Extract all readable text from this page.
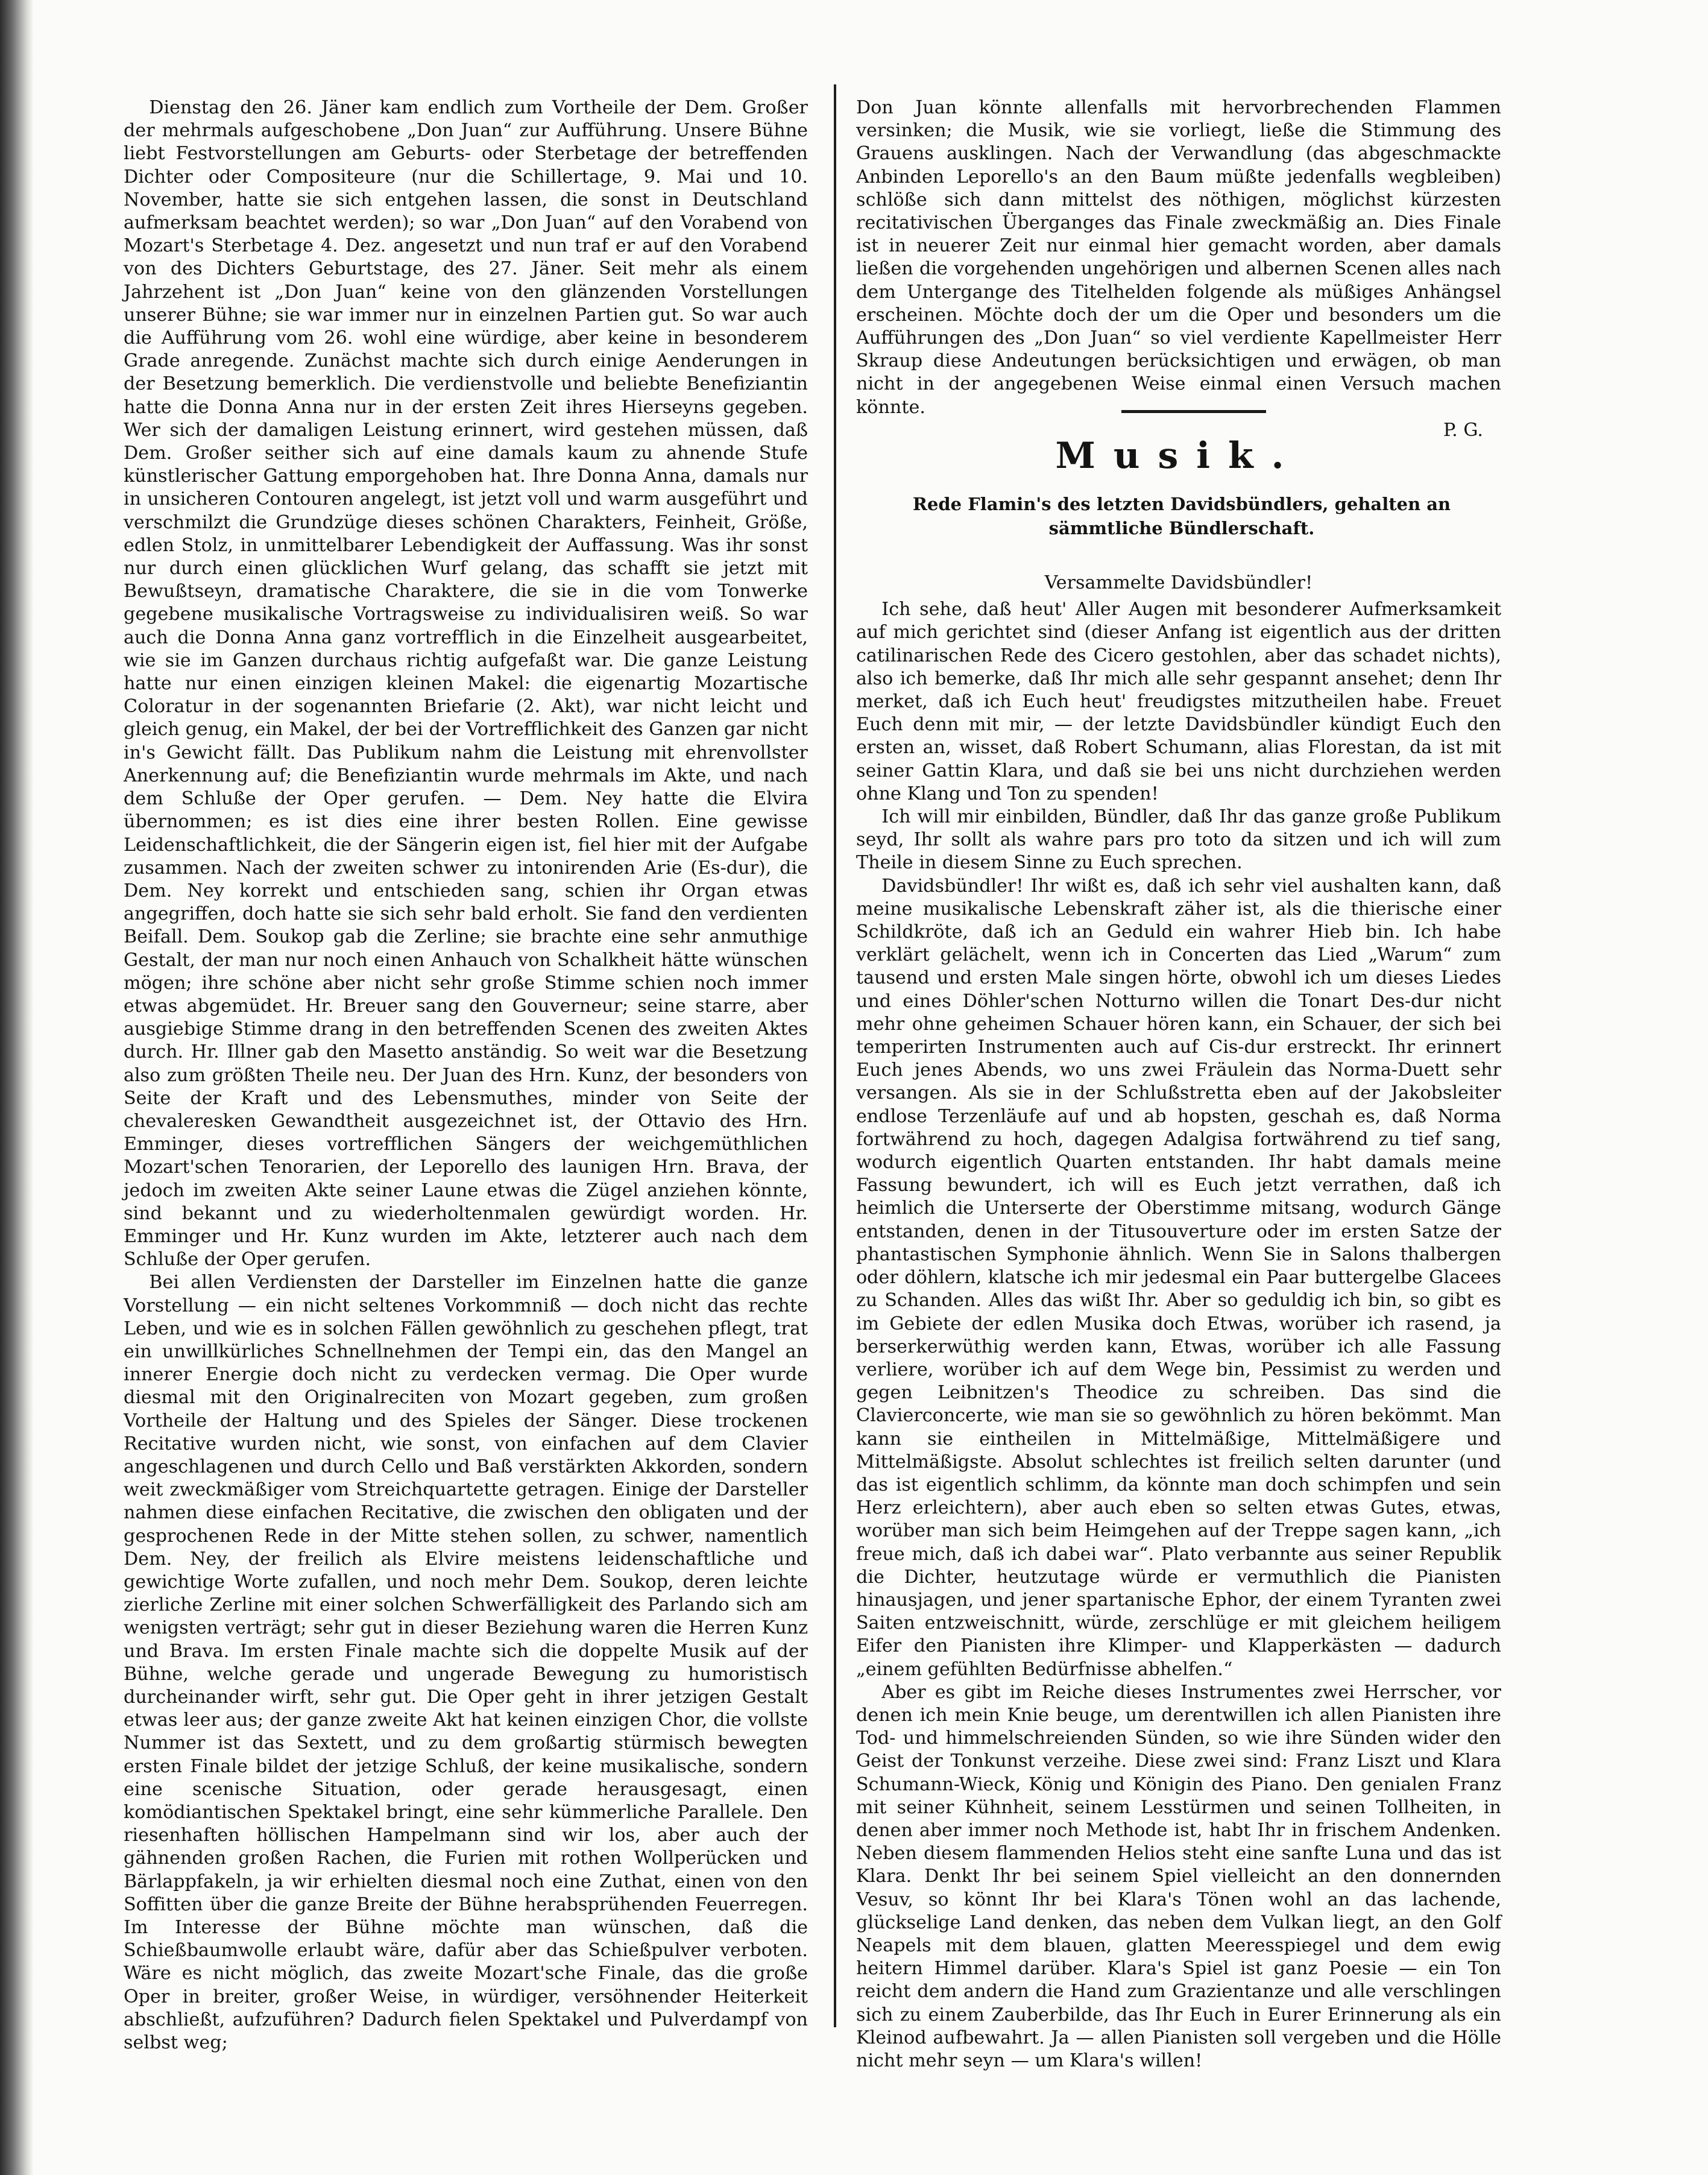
Dienstag den 26. Jäner kam endlich zum Vortheile der Dem. Großer der mehrmals aufgeschobene „Don Juan“ zur Aufführung. Unsere Bühne liebt Festvorstellungen am Geburts- oder Sterbetage der betreffenden Dichter oder Compositeure (nur die Schillertage, 9. Mai und 10. November, hatte sie sich entgehen lassen, die sonst in Deutschland aufmerksam beachtet werden); so war „Don Juan“ auf den Vorabend von Mozart's Sterbetage 4. Dez. angesetzt und nun traf er auf den Vorabend von des Dichters Geburtstage, des 27. Jäner. Seit mehr als einem Jahrzehent ist „Don Juan“ keine von den glänzenden Vorstellungen unserer Bühne; sie war immer nur in einzelnen Partien gut. So war auch die Aufführung vom 26. wohl eine würdige, aber keine in besonderem Grade anregende. Zunächst machte sich durch einige Aenderungen in der Besetzung bemerklich. Die verdienstvolle und beliebte Benefiziantin hatte die Donna Anna nur in der ersten Zeit ihres Hierseyns gegeben. Wer sich der damaligen Leistung erinnert, wird gestehen müssen, daß Dem. Großer seither sich auf eine damals kaum zu ahnende Stufe künstlerischer Gattung emporgehoben hat. Ihre Donna Anna, damals nur in unsicheren Contouren angelegt, ist jetzt voll und warm ausgeführt und verschmilzt die Grundzüge dieses schönen Charakters, Feinheit, Größe, edlen Stolz, in unmittelbarer Lebendigkeit der Auffassung. Was ihr sonst nur durch einen glücklichen Wurf gelang, das schafft sie jetzt mit Bewußtseyn, dramatische Charaktere, die sie in die vom Tonwerke gegebene musikalische Vortragsweise zu individualisiren weiß. So war auch die Donna Anna ganz vortrefflich in die Einzelheit ausgearbeitet, wie sie im Ganzen durchaus richtig aufgefaßt war. Die ganze Leistung hatte nur einen einzigen kleinen Makel: die eigenartig Mozartische Coloratur in der sogenannten Briefarie (2. Akt), war nicht leicht und gleich genug, ein Makel, der bei der Vortrefflichkeit des Ganzen gar nicht in's Gewicht fällt. Das Publikum nahm die Leistung mit ehrenvollster Anerkennung auf; die Benefiziantin wurde mehrmals im Akte, und nach dem Schluße der Oper gerufen. — Dem. Ney hatte die Elvira übernommen; es ist dies eine ihrer besten Rollen. Eine gewisse Leidenschaftlichkeit, die der Sängerin eigen ist, fiel hier mit der Aufgabe zusammen. Nach der zweiten schwer zu intonirenden Arie (Es-dur), die Dem. Ney korrekt und entschieden sang, schien ihr Organ etwas angegriffen, doch hatte sie sich sehr bald erholt. Sie fand den verdienten Beifall. Dem. Soukop gab die Zerline; sie brachte eine sehr anmuthige Gestalt, der man nur noch einen Anhauch von Schalkheit hätte wünschen mögen; ihre schöne aber nicht sehr große Stimme schien noch immer etwas abgemüdet. Hr. Breuer sang den Gouverneur; seine starre, aber ausgiebige Stimme drang in den betreffenden Scenen des zweiten Aktes durch. Hr. Illner gab den Masetto anständig. So weit war die Besetzung also zum größten Theile neu. Der Juan des Hrn. Kunz, der besonders von Seite der Kraft und des Lebensmuthes, minder von Seite der chevaleresken Gewandtheit ausgezeichnet ist, der Ottavio des Hrn. Emminger, dieses vortrefflichen Sängers der weichgemüthlichen Mozart'schen Tenorarien, der Leporello des launigen Hrn. Brava, der jedoch im zweiten Akte seiner Laune etwas die Zügel anziehen könnte, sind bekannt und zu wiederholtenmalen gewürdigt worden. Hr. Emminger und Hr. Kunz wurden im Akte, letzterer auch nach dem Schluße der Oper gerufen.

Bei allen Verdiensten der Darsteller im Einzelnen hatte die ganze Vorstellung — ein nicht seltenes Vorkommniß — doch nicht das rechte Leben, und wie es in solchen Fällen gewöhnlich zu geschehen pflegt, trat ein unwillkürliches Schnellnehmen der Tempi ein, das den Mangel an innerer Energie doch nicht zu verdecken vermag. Die Oper wurde diesmal mit den Originalreciten von Mozart gegeben, zum großen Vortheile der Haltung und des Spieles der Sänger. Diese trockenen Recitative wurden nicht, wie sonst, von einfachen auf dem Clavier angeschlagenen und durch Cello und Baß verstärkten Akkorden, sondern weit zweckmäßiger vom Streichquartette getragen. Einige der Darsteller nahmen diese einfachen Recitative, die zwischen den obligaten und der gesprochenen Rede in der Mitte stehen sollen, zu schwer, namentlich Dem. Ney, der freilich als Elvire meistens leidenschaftliche und gewichtige Worte zufallen, und noch mehr Dem. Soukop, deren leichte zierliche Zerline mit einer solchen Schwerfälligkeit des Parlando sich am wenigsten verträgt; sehr gut in dieser Beziehung waren die Herren Kunz und Brava. Im ersten Finale machte sich die doppelte Musik auf der Bühne, welche gerade und ungerade Bewegung zu humoristisch durcheinander wirft, sehr gut. Die Oper geht in ihrer jetzigen Gestalt etwas leer aus; der ganze zweite Akt hat keinen einzigen Chor, die vollste Nummer ist das Sextett, und zu dem großartig stürmisch bewegten ersten Finale bildet der jetzige Schluß, der keine musikalische, sondern eine scenische Situation, oder gerade herausgesagt, einen komödiantischen Spektakel bringt, eine sehr kümmerliche Parallele. Den riesenhaften höllischen Hampelmann sind wir los, aber auch der gähnenden großen Rachen, die Furien mit rothen Wollperücken und Bärlappfakeln, ja wir erhielten diesmal noch eine Zuthat, einen von den Soffitten über die ganze Breite der Bühne herabsprühenden Feuerregen. Im Interesse der Bühne möchte man wünschen, daß die Schießbaumwolle erlaubt wäre, dafür aber das Schießpulver verboten. Wäre es nicht möglich, das zweite Mozart'sche Finale, das die große Oper in breiter, großer Weise, in würdiger, versöhnender Heiterkeit abschließt, aufzuführen? Dadurch fielen Spektakel und Pulverdampf von selbst weg;

Don Juan könnte allenfalls mit hervorbrechenden Flammen versinken; die Musik, wie sie vorliegt, ließe die Stimmung des Grauens ausklingen. Nach der Verwandlung (das abgeschmackte Anbinden Leporello's an den Baum müßte jedenfalls wegbleiben) schlöße sich dann mittelst des nöthigen, möglichst kürzesten recitativischen Überganges das Finale zweckmäßig an. Dies Finale ist in neuerer Zeit nur einmal hier gemacht worden, aber damals ließen die vorgehenden ungehörigen und albernen Scenen alles nach dem Untergange des Titelhelden folgende als müßiges Anhängsel erscheinen. Möchte doch der um die Oper und besonders um die Aufführungen des „Don Juan“ so viel verdiente Kapellmeister Herr Skraup diese Andeutungen berücksichtigen und erwägen, ob man nicht in der angegebenen Weise einmal einen Versuch machen könnte.

P. G.
Musik.
Rede Flamin's des letzten Davidsbündlers, gehalten an sämmtliche Bündlerschaft.
Versammelte Davidsbündler!

Ich sehe, daß heut' Aller Augen mit besonderer Aufmerksamkeit auf mich gerichtet sind (dieser Anfang ist eigentlich aus der dritten catilinarischen Rede des Cicero gestohlen, aber das schadet nichts), also ich bemerke, daß Ihr mich alle sehr gespannt ansehet; denn Ihr merket, daß ich Euch heut' freudigstes mitzutheilen habe. Freuet Euch denn mit mir, — der letzte Davidsbündler kündigt Euch den ersten an, wisset, daß Robert Schumann, alias Florestan, da ist mit seiner Gattin Klara, und daß sie bei uns nicht durchziehen werden ohne Klang und Ton zu spenden!

Ich will mir einbilden, Bündler, daß Ihr das ganze große Publikum seyd, Ihr sollt als wahre pars pro toto da sitzen und ich will zum Theile in diesem Sinne zu Euch sprechen.

Davidsbündler! Ihr wißt es, daß ich sehr viel aushalten kann, daß meine musikalische Lebenskraft zäher ist, als die thierische einer Schildkröte, daß ich an Geduld ein wahrer Hieb bin. Ich habe verklärt gelächelt, wenn ich in Concerten das Lied „Warum“ zum tausend und ersten Male singen hörte, obwohl ich um dieses Liedes und eines Döhler'schen Notturno willen die Tonart Des-dur nicht mehr ohne geheimen Schauer hören kann, ein Schauer, der sich bei temperirten Instrumenten auch auf Cis-dur erstreckt. Ihr erinnert Euch jenes Abends, wo uns zwei Fräulein das Norma-Duett sehr versangen. Als sie in der Schlußstretta eben auf der Jakobsleiter endlose Terzenläufe auf und ab hopsten, geschah es, daß Norma fortwährend zu hoch, dagegen Adalgisa fortwährend zu tief sang, wodurch eigentlich Quarten entstanden. Ihr habt damals meine Fassung bewundert, ich will es Euch jetzt verrathen, daß ich heimlich die Unterserte der Oberstimme mitsang, wodurch Gänge entstanden, denen in der Titusouverture oder im ersten Satze der phantastischen Symphonie ähnlich. Wenn Sie in Salons thalbergen oder döhlern, klatsche ich mir jedesmal ein Paar buttergelbe Glacees zu Schanden. Alles das wißt Ihr. Aber so geduldig ich bin, so gibt es im Gebiete der edlen Musika doch Etwas, worüber ich rasend, ja berserkerwüthig werden kann, Etwas, worüber ich alle Fassung verliere, worüber ich auf dem Wege bin, Pessimist zu werden und gegen Leibnitzen's Theodice zu schreiben. Das sind die Clavierconcerte, wie man sie so gewöhnlich zu hören bekömmt. Man kann sie eintheilen in Mittelmäßige, Mittelmäßigere und Mittelmäßigste. Absolut schlechtes ist freilich selten darunter (und das ist eigentlich schlimm, da könnte man doch schimpfen und sein Herz erleichtern), aber auch eben so selten etwas Gutes, etwas, worüber man sich beim Heimgehen auf der Treppe sagen kann, „ich freue mich, daß ich dabei war“. Plato verbannte aus seiner Republik die Dichter, heutzutage würde er vermuthlich die Pianisten hinausjagen, und jener spartanische Ephor, der einem Tyranten zwei Saiten entzweischnitt, würde, zerschlüge er mit gleichem heiligem Eifer den Pianisten ihre Klimper- und Klapperkästen — dadurch „einem gefühlten Bedürfnisse abhelfen.“

Aber es gibt im Reiche dieses Instrumentes zwei Herrscher, vor denen ich mein Knie beuge, um derentwillen ich allen Pianisten ihre Tod- und himmelschreienden Sünden, so wie ihre Sünden wider den Geist der Tonkunst verzeihe. Diese zwei sind: Franz Liszt und Klara Schumann-Wieck, König und Königin des Piano. Den genialen Franz mit seiner Kühnheit, seinem Lesstürmen und seinen Tollheiten, in denen aber immer noch Methode ist, habt Ihr in frischem Andenken. Neben diesem flammenden Helios steht eine sanfte Luna und das ist Klara. Denkt Ihr bei seinem Spiel vielleicht an den donnernden Vesuv, so könnt Ihr bei Klara's Tönen wohl an das lachende, glückselige Land denken, das neben dem Vulkan liegt, an den Golf Neapels mit dem blauen, glatten Meeresspiegel und dem ewig heitern Himmel darüber. Klara's Spiel ist ganz Poesie — ein Ton reicht dem andern die Hand zum Grazientanze und alle verschlingen sich zu einem Zauberbilde, das Ihr Euch in Eurer Erinnerung als ein Kleinod aufbewahrt. Ja — allen Pianisten soll vergeben und die Hölle nicht mehr seyn — um Klara's willen!
